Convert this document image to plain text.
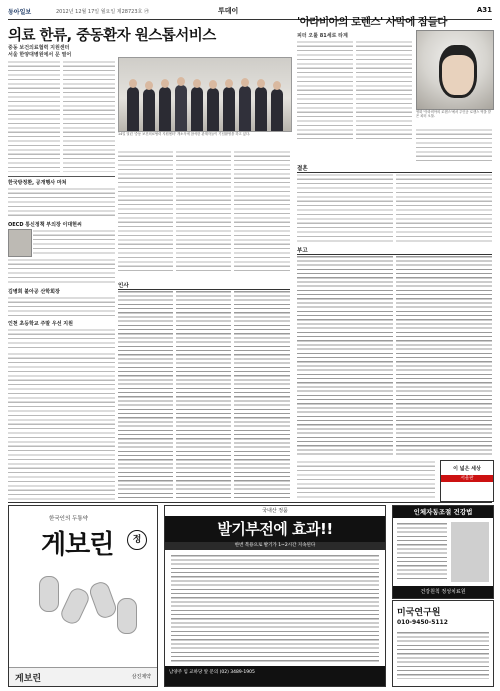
동아일보	2012년 12월 17일 월요일 제28723호 ㉮	투데이	A31
의료 한류, 중동환자 원스톱서비스
중동 보건의료협력 지원센터
서울 한양대병원에서 문 열어
14일 열린 '중동 보건의료협력 지원센터' 개소식에 참석한 관계자들이 기념촬영을 하고 있다.
한국방정환, 공개행사 마쳐
OECD 통신정책 부의장 이대현씨
김병희 불아공 산학회장
인천 초등학교 주말 우선 지원
인사
'아라비아의 로렌스' 사막에 잠들다
피터 오툴 81세로 타계
영화 '아라비아의 로렌스'에서 주인공 로렌스 역을 맡은 피터 오툴.
결혼
부고
이 넓은 세상
서울판
한국인의 두통약
게보린	정
게보린	삼진제약
국내산 정품
발기부전에 효과!!
한번 복용으로 발기가 1~2시간 지속된다
남양주 임 교하당 앞 문의 (02) 3489-1905
인체자동조절 건강법
건강원칙 정성치료원
미국연구원
010-9450-5112
